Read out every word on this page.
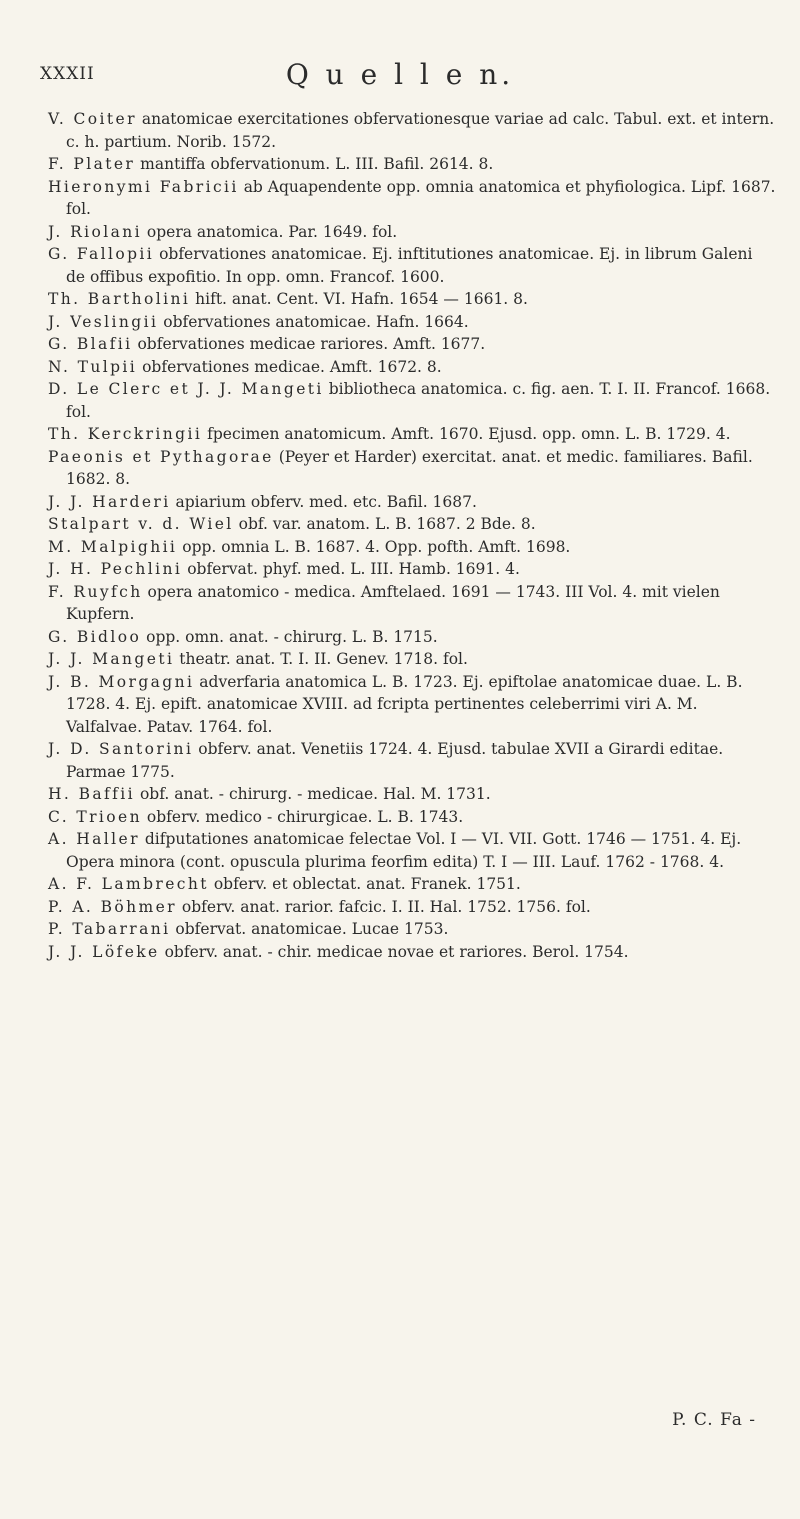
XXXII	Q u e l l e n.

V. Coiter anatomicae exercitationes obfervationesque variae ad calc. Tabul. ext. et intern. c. h. partium. Norib. 1572.

F. Plater mantiffa obfervationum. L. III. Bafil. 2614. 8.

Hieronymi Fabricii ab Aquapendente opp. omnia anatomica et phyfiologica. Lipf. 1687. fol.

J. Riolani opera anatomica. Par. 1649. fol.

G. Fallopii obfervationes anatomicae. Ej. inftitutiones anatomicae. Ej. in librum Galeni de offibus expofitio. In opp. omn. Francof. 1600.

Th. Bartholini hift. anat. Cent. VI. Hafn. 1654 — 1661. 8.

J. Veslingii obfervationes anatomicae. Hafn. 1664.

G. Blafii obfervationes medicae rariores. Amft. 1677.

N. Tulpii obfervationes medicae. Amft. 1672. 8.

D. Le Clerc et J. J. Mangeti bibliotheca anatomica. c. fig. aen. T. I. II. Francof. 1668. fol.

Th. Kerckringii fpecimen anatomicum. Amft. 1670. Ejusd. opp. omn. L. B. 1729. 4.

Paeonis et Pythagorae (Peyer et Harder) exercitat. anat. et medic. familiares. Bafil. 1682. 8.

J. J. Harderi apiarium obferv. med. etc. Bafil. 1687.

Stalpart v. d. Wiel obf. var. anatom. L. B. 1687. 2 Bde. 8.

M. Malpighii opp. omnia L. B. 1687. 4. Opp. pofth. Amft. 1698.

J. H. Pechlini obfervat. phyf. med. L. III. Hamb. 1691. 4.

F. Ruyfch opera anatomico - medica. Amftelaed. 1691 — 1743. III Vol. 4. mit vielen Kupfern.

G. Bidloo opp. omn. anat. - chirurg. L. B. 1715.

J. J. Mangeti theatr. anat. T. I. II. Genev. 1718. fol.

J. B. Morgagni adverfaria anatomica L. B. 1723. Ej. epiftolae anatomicae duae. L. B. 1728. 4. Ej. epift. anatomicae XVIII. ad fcripta pertinentes celeberrimi viri A. M. Valfalvae. Patav. 1764. fol.

J. D. Santorini obferv. anat. Venetiis 1724. 4. Ejusd. tabulae XVII a Girardi editae. Parmae 1775.

H. Baffii obf. anat. - chirurg. - medicae. Hal. M. 1731.

C. Trioen obferv. medico - chirurgicae. L. B. 1743.

A. Haller difputationes anatomicae felectae Vol. I — VI. VII. Gott. 1746 — 1751. 4. Ej. Opera minora (cont. opuscula plurima feorfim edita) T. I — III. Lauf. 1762 - 1768. 4.

A. F. Lambrecht obferv. et oblectat. anat. Franek. 1751.

P. A. Böhmer obferv. anat. rarior. fafcic. I. II. Hal. 1752. 1756. fol.

P. Tabarrani obfervat. anatomicae. Lucae 1753.

J. J. Löfeke obferv. anat. - chir. medicae novae et rariores. Berol. 1754.

P. C. Fa -
